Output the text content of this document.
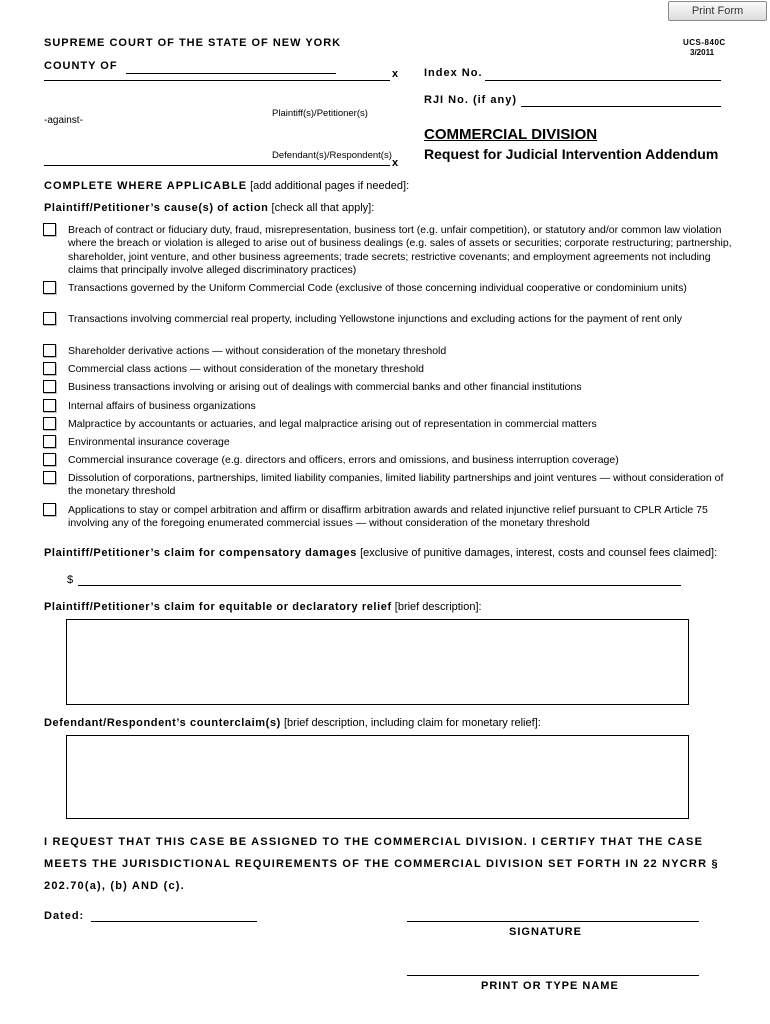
Print Form
SUPREME COURT OF THE STATE OF NEW YORK	UCS-840C
3/2011
COUNTY OF
x
Plaintiff(s)/Petitioner(s)
-against-
Defendant(s)/Respondent(s)
x
Index No.
RJI No. (if any)
COMMERCIAL DIVISION
Request for Judicial Intervention Addendum
COMPLETE WHERE APPLICABLE [add additional pages if needed]:
Plaintiff/Petitioner’s cause(s) of action [check all that apply]:
Breach of contract or fiduciary duty, fraud, misrepresentation, business tort (e.g. unfair competition), or statutory and/or common law violation where the breach or violation is alleged to arise out of business dealings (e.g. sales of assets or securities; corporate restructuring; partnership, shareholder, joint venture, and other business agreements; trade secrets; restrictive covenants; and employment agreements not including claims that principally involve alleged discriminatory practices)
Transactions governed by the Uniform Commercial Code (exclusive of those concerning individual cooperative or condominium units)
Transactions involving commercial real property, including Yellowstone injunctions and excluding actions for the payment of rent only
Shareholder derivative actions — without consideration of the monetary threshold
Commercial class actions — without consideration of the monetary threshold
Business transactions involving or arising out of dealings with commercial banks and other financial institutions
Internal affairs of business organizations
Malpractice by accountants or actuaries, and legal malpractice arising out of representation in commercial matters
Environmental insurance coverage
Commercial insurance coverage (e.g. directors and officers, errors and omissions, and business interruption coverage)
Dissolution of corporations, partnerships, limited liability companies, limited liability partnerships and joint ventures — without consideration of the monetary threshold
Applications to stay or compel arbitration and affirm or disaffirm arbitration awards and related injunctive relief pursuant to CPLR Article 75 involving any of the foregoing enumerated commercial issues — without consideration of the monetary threshold
Plaintiff/Petitioner’s claim for compensatory damages [exclusive of punitive damages, interest, costs and counsel fees claimed]:
$
Plaintiff/Petitioner’s claim for equitable or declaratory relief [brief description]:
Defendant/Respondent’s counterclaim(s) [brief description, including claim for monetary relief]:
I REQUEST THAT THIS CASE BE ASSIGNED TO THE COMMERCIAL DIVISION. I CERTIFY THAT THE CASE MEETS THE JURISDICTIONAL REQUIREMENTS OF THE COMMERCIAL DIVISION SET FORTH IN 22 NYCRR § 202.70(a), (b) AND (c).
Dated:
SIGNATURE
PRINT OR TYPE NAME
